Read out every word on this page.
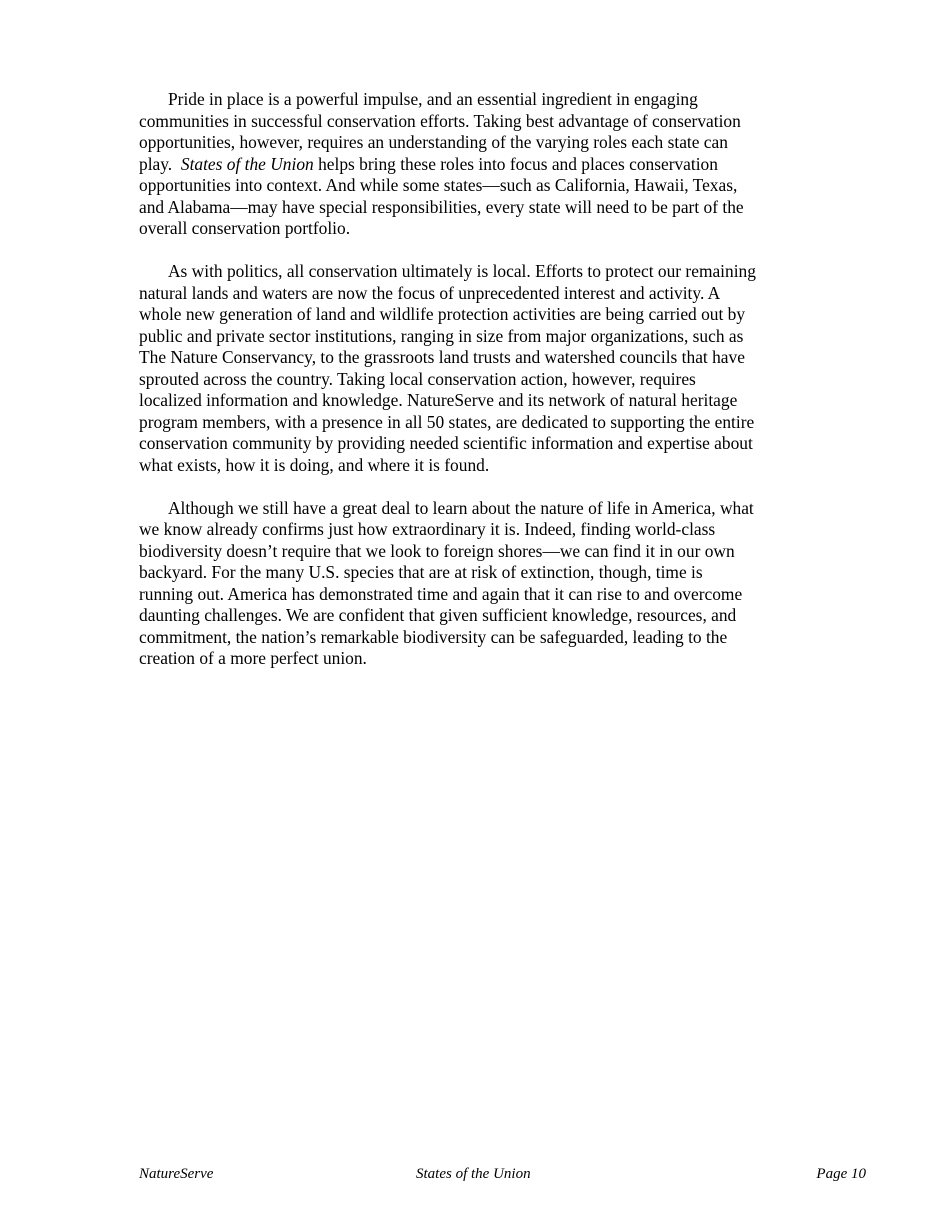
Pride in place is a powerful impulse, and an essential ingredient in engaging
communities in successful conservation efforts. Taking best advantage of conservation
opportunities, however, requires an understanding of the varying roles each state can
play. States of the Union helps bring these roles into focus and places conservation
opportunities into context. And while some states—such as California, Hawaii, Texas,
and Alabama—may have special responsibilities, every state will need to be part of the
overall conservation portfolio.

As with politics, all conservation ultimately is local. Efforts to protect our remaining
natural lands and waters are now the focus of unprecedented interest and activity. A
whole new generation of land and wildlife protection activities are being carried out by
public and private sector institutions, ranging in size from major organizations, such as
The Nature Conservancy, to the grassroots land trusts and watershed councils that have
sprouted across the country. Taking local conservation action, however, requires
localized information and knowledge. NatureServe and its network of natural heritage
program members, with a presence in all 50 states, are dedicated to supporting the entire
conservation community by providing needed scientific information and expertise about
what exists, how it is doing, and where it is found.

Although we still have a great deal to learn about the nature of life in America, what
we know already confirms just how extraordinary it is. Indeed, finding world-class
biodiversity doesn’t require that we look to foreign shores—we can find it in our own
backyard. For the many U.S. species that are at risk of extinction, though, time is
running out. America has demonstrated time and again that it can rise to and overcome
daunting challenges. We are confident that given sufficient knowledge, resources, and
commitment, the nation’s remarkable biodiversity can be safeguarded, leading to the
creation of a more perfect union.

NatureServe	States of the Union	Page 10
